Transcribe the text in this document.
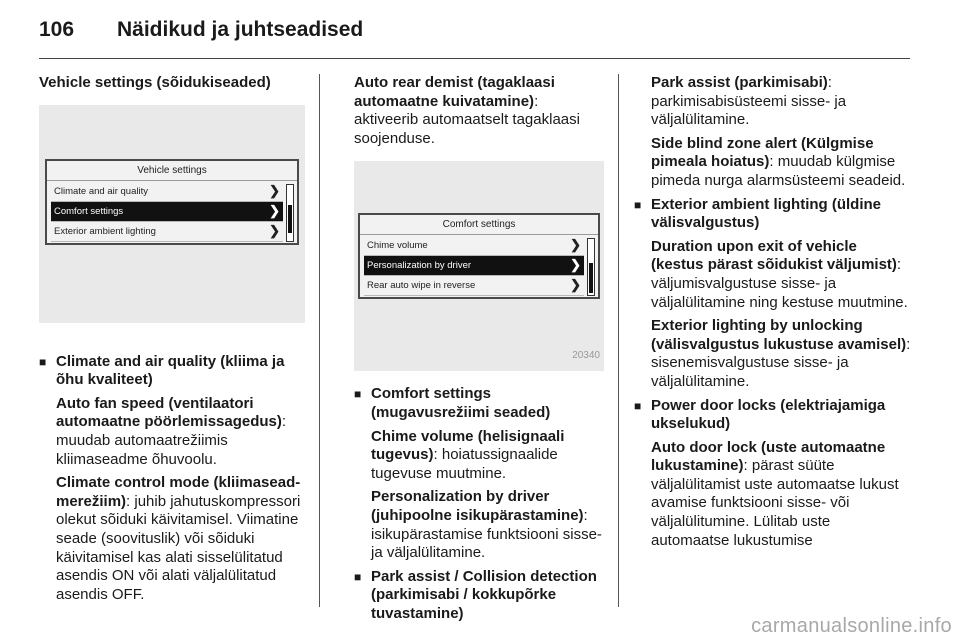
106	Näidikud ja juhtseadised
Vehicle settings (sõidukiseaded)
Vehicle settings
Climate and air quality	❯
Comfort settings	❯
Exterior ambient lighting	❯
■ Climate and air quality (kliima ja õhu kvaliteet)
Auto fan speed (ventilaatori automaatne pöörlemissagedus): muudab automaatrežiimis kliimaseadme õhuvoolu.
Climate control mode (kliimasead-merežiim): juhib jahutuskompressori olekut sõiduki käivitamisel. Viimatine seade (soovituslik) või sõiduki käivitamisel kas alati sisselülitatud asendis ON või alati väljalülitatud asendis OFF.
Auto rear demist (tagaklaasi automaatne kuivatamine): aktiveerib automaatselt tagaklaasi soojenduse.
Comfort settings
Chime volume	❯
Personalization by driver	❯
Rear auto wipe in reverse	❯
20340
■ Comfort settings (mugavusrežiimi seaded)
Chime volume (helisignaali tugevus): hoiatussignaalide tugevuse muutmine.
Personalization by driver (juhipoolne isikupärastamine): isikupärastamise funktsiooni sisse- ja väljalülitamine.
■ Park assist / Collision detection (parkimisabi / kokkupõrke tuvastamine)
Park assist (parkimisabi): parkimisabisüsteemi sisse- ja väljalülitamine.
Side blind zone alert (Külgmise pimeala hoiatus): muudab külgmise pimeda nurga alarmsüsteemi seadeid.
■ Exterior ambient lighting (üldine välisvalgustus)
Duration upon exit of vehicle (kestus pärast sõidukist väljumist): väljumisvalgustuse sisse- ja väljalülitamine ning kestuse muutmine.
Exterior lighting by unlocking (välisvalgustus lukustuse avamisel): sisenemisvalgustuse sisse- ja väljalülitamine.
■ Power door locks (elektriajamiga ukselukud)
Auto door lock (uste automaatne lukustamine): pärast süüte väljalülitamist uste automaatse lukust avamise funktsiooni sisse- või väljalülitumine. Lülitab uste automaatse lukustumise
carmanualsonline.info
